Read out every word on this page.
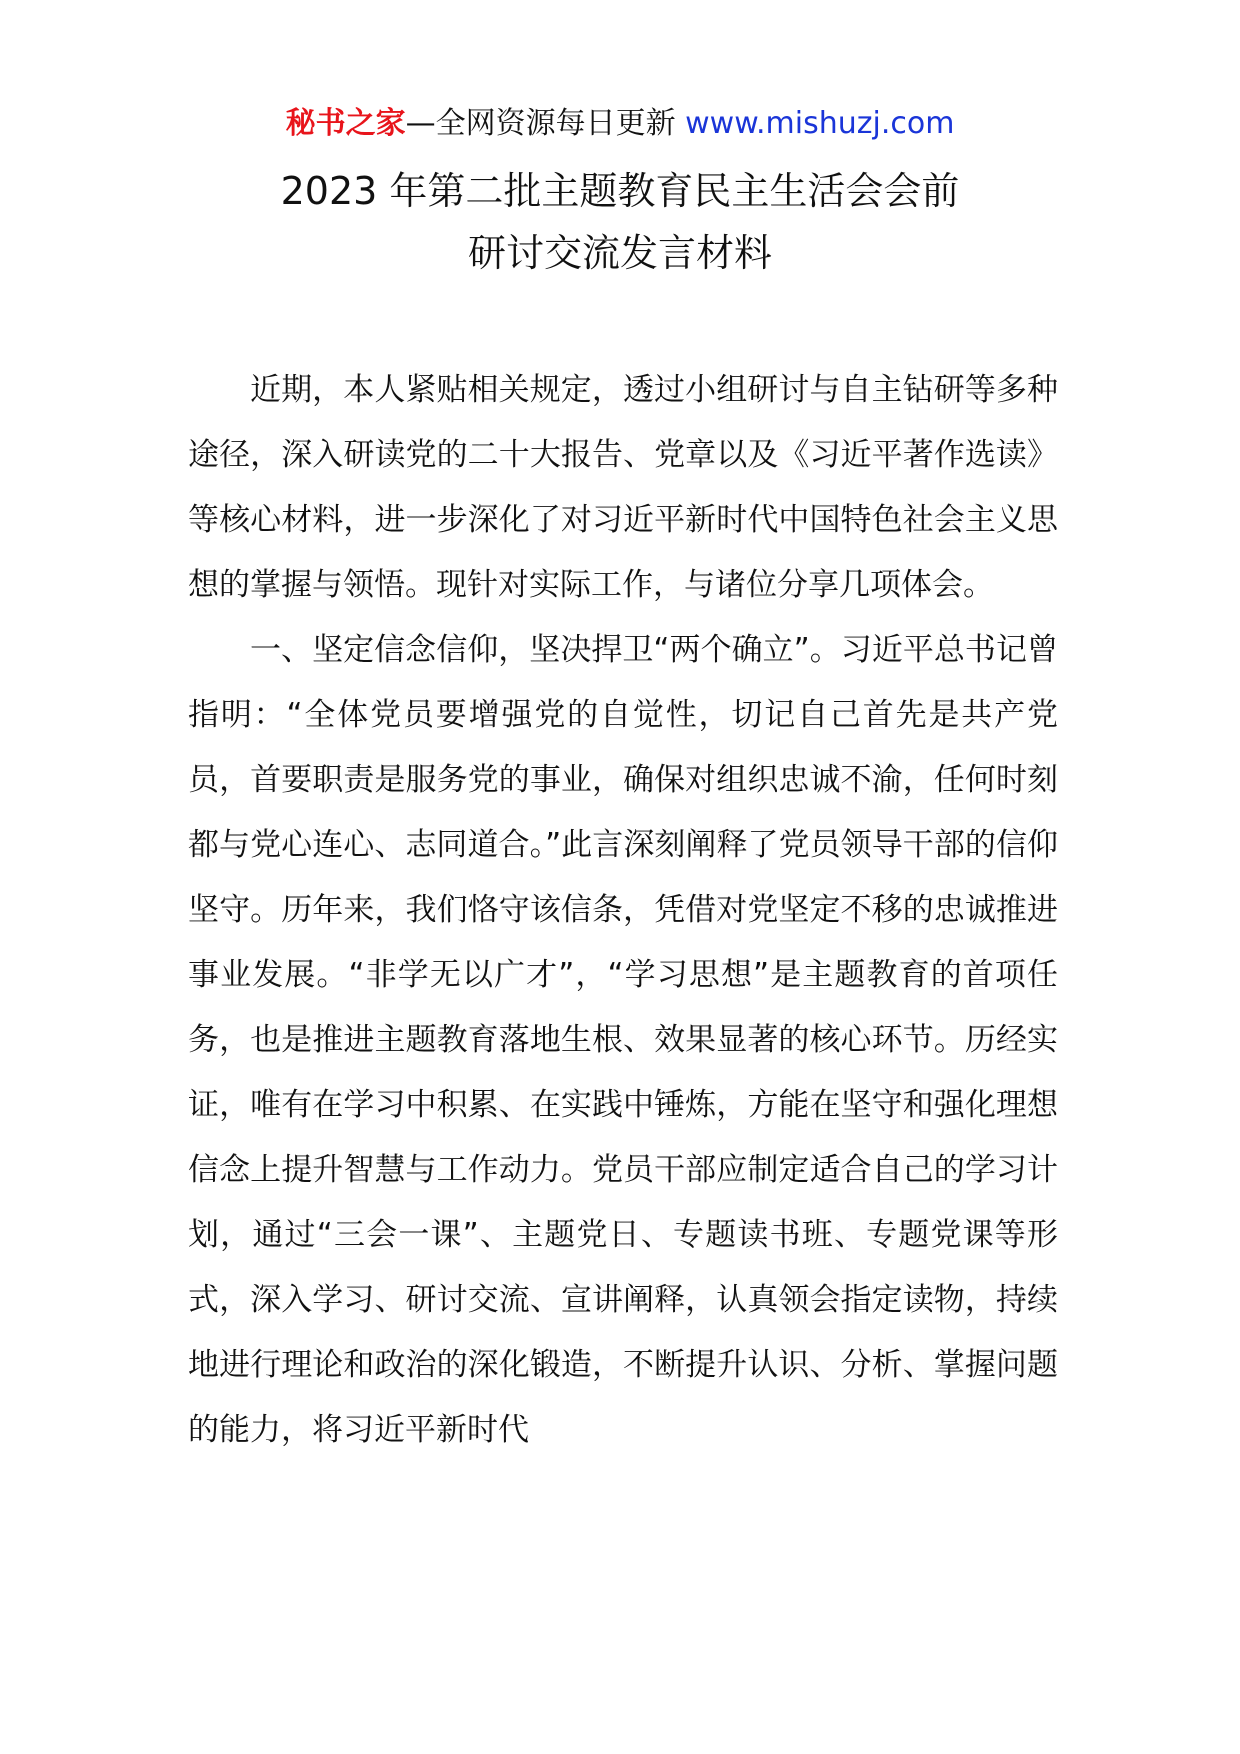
秘书之家—全网资源每日更新 www.mishuzj.com
2023 年第二批主题教育民主生活会会前
研讨交流发言材料

近期，本人紧贴相关规定，透过小组研讨与自主钻研等多种途径，深入研读党的二十大报告、党章以及《习近平著作选读》等核心材料，进一步深化了对习近平新时代中国特色社会主义思想的掌握与领悟。现针对实际工作，与诸位分享几项体会。

一、坚定信念信仰，坚决捍卫“两个确立”。习近平总书记曾指明：“全体党员要增强党的自觉性，切记自己首先是共产党员，首要职责是服务党的事业，确保对组织忠诚不渝，任何时刻都与党心连心、志同道合。”此言深刻阐释了党员领导干部的信仰坚守。历年来，我们恪守该信条，凭借对党坚定不移的忠诚推进事业发展。“非学无以广才”，“学习思想”是主题教育的首项任务，也是推进主题教育落地生根、效果显著的核心环节。历经实证，唯有在学习中积累、在实践中锤炼，方能在坚守和强化理想信念上提升智慧与工作动力。党员干部应制定适合自己的学习计划，通过“三会一课”、主题党日、专题读书班、专题党课等形式，深入学习、研讨交流、宣讲阐释，认真领会指定读物，持续地进行理论和政治的深化锻造，不断提升认识、分析、掌握问题的能力，将习近平新时代
